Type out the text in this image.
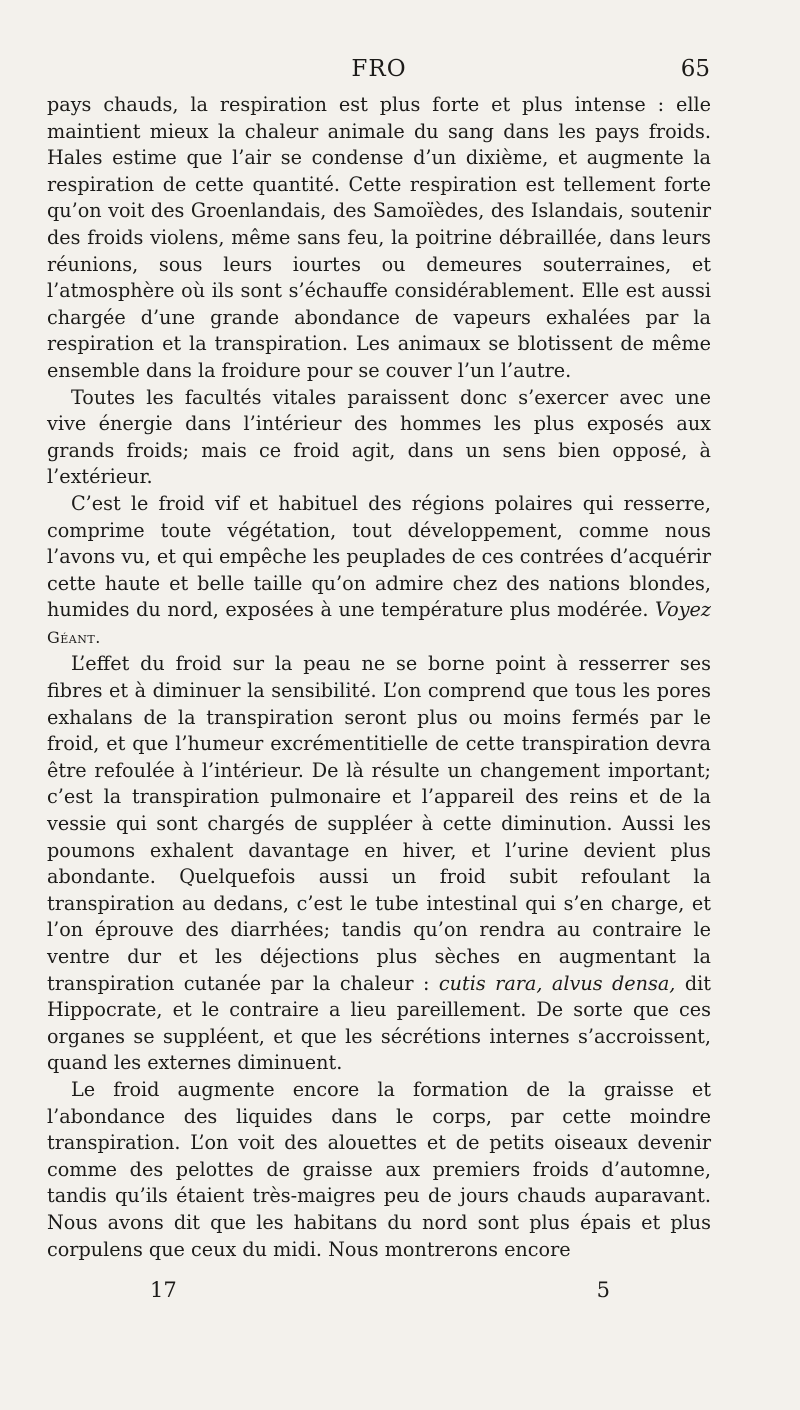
FRO	65

pays chauds, la respiration est plus forte et plus intense : elle maintient mieux la chaleur animale du sang dans les pays froids. Hales estime que l’air se condense d’un dixième, et augmente la respiration de cette quantité. Cette respiration est tellement forte qu’on voit des Groenlandais, des Samoïèdes, des Islandais, soutenir des froids violens, même sans feu, la poitrine débraillée, dans leurs réunions, sous leurs iourtes ou demeures souterraines, et l’atmosphère où ils sont s’échauffe considérablement. Elle est aussi chargée d’une grande abondance de vapeurs exhalées par la respiration et la transpiration. Les animaux se blotissent de même ensemble dans la froidure pour se couver l’un l’autre.

Toutes les facultés vitales paraissent donc s’exercer avec une vive énergie dans l’intérieur des hommes les plus exposés aux grands froids; mais ce froid agit, dans un sens bien opposé, à l’extérieur.

C’est le froid vif et habituel des régions polaires qui resserre, comprime toute végétation, tout développement, comme nous l’avons vu, et qui empêche les peuplades de ces contrées d’acquérir cette haute et belle taille qu’on admire chez des nations blondes, humides du nord, exposées à une température plus modérée. Voyez Géant.

L’effet du froid sur la peau ne se borne point à resserrer ses fibres et à diminuer la sensibilité. L’on comprend que tous les pores exhalans de la transpiration seront plus ou moins fermés par le froid, et que l’humeur excrémentitielle de cette transpiration devra être refoulée à l’intérieur. De là résulte un changement important; c’est la transpiration pulmonaire et l’appareil des reins et de la vessie qui sont chargés de suppléer à cette diminution. Aussi les poumons exhalent davantage en hiver, et l’urine devient plus abondante. Quelquefois aussi un froid subit refoulant la transpiration au dedans, c’est le tube intestinal qui s’en charge, et l’on éprouve des diarrhées; tandis qu’on rendra au contraire le ventre dur et les déjections plus sèches en augmentant la transpiration cutanée par la chaleur : cutis rara, alvus densa, dit Hippocrate, et le contraire a lieu pareillement. De sorte que ces organes se suppléent, et que les sécrétions internes s’accroissent, quand les externes diminuent.

Le froid augmente encore la formation de la graisse et l’abondance des liquides dans le corps, par cette moindre transpiration. L’on voit des alouettes et de petits oiseaux devenir comme des pelottes de graisse aux premiers froids d’automne, tandis qu’ils étaient très-maigres peu de jours chauds auparavant. Nous avons dit que les habitans du nord sont plus épais et plus corpulens que ceux du midi. Nous montrerons encore

17	5
